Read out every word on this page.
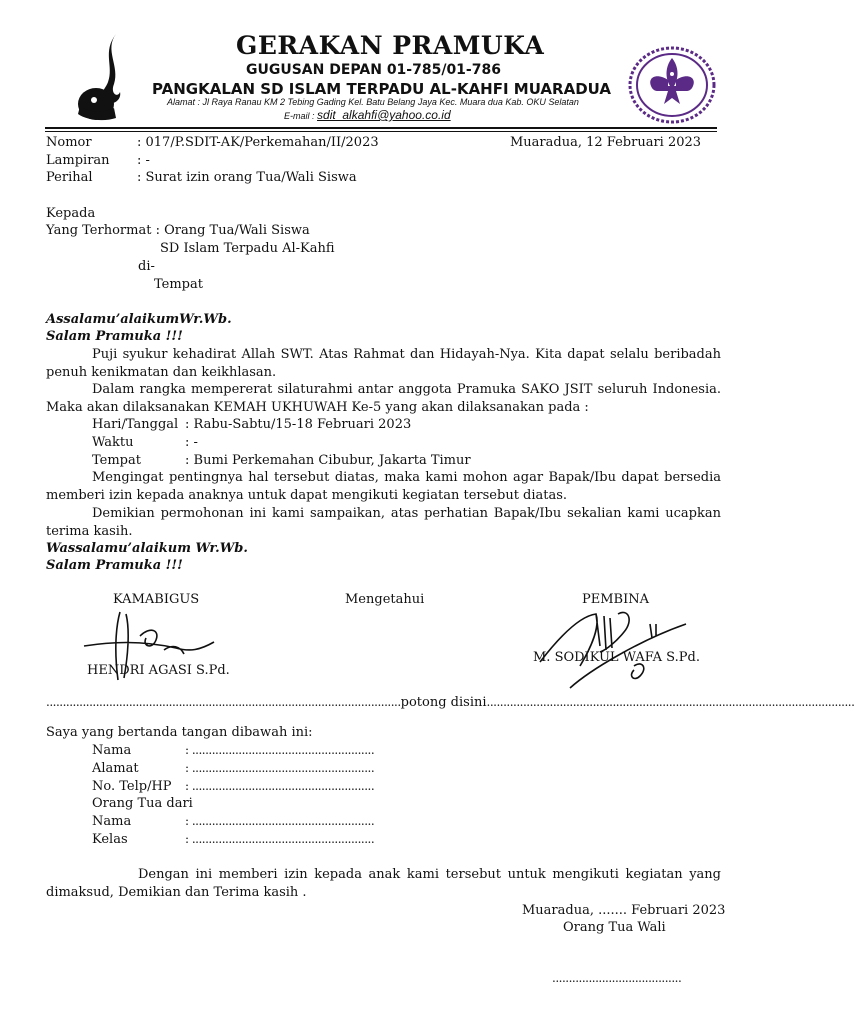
GERAKAN PRAMUKA
GUGUSAN DEPAN 01-785/01-786
PANGKALAN SD ISLAM TERPADU AL-KAHFI MUARADUA
Alamat : Jl Raya Ranau KM 2 Tebing Gading Kel. Batu Belang Jaya Kec. Muara dua Kab. OKU Selatan
E-mail : sdit_alkahfi@yahoo.co.id
Nomor	: 017/P.SDIT-AK/Perkemahan/II/2023	Muaradua, 12 Februari 2023
Lampiran : -
Perihal	: Surat izin orang Tua/Wali Siswa
Kepada
Yang Terhormat : Orang Tua/Wali Siswa
SD Islam Terpadu Al-Kahfi
di-
Tempat
Assalamu’alaikumWr.Wb.
Salam Pramuka !!!
Puji syukur kehadirat Allah SWT. Atas Rahmat dan Hidayah-Nya. Kita dapat selalu beribadah penuh kenikmatan dan keikhlasan.
Dalam rangka mempererat silaturahmi antar anggota Pramuka SAKO JSIT seluruh Indonesia. Maka akan dilaksanakan KEMAH UKHUWAH Ke-5 yang akan dilaksanakan pada :
Hari/Tanggal : Rabu-Sabtu/15-18 Februari 2023
Waktu	: -
Tempat	: Bumi Perkemahan Cibubur, Jakarta Timur
Mengingat pentingnya hal tersebut diatas, maka kami mohon agar Bapak/Ibu dapat bersedia memberi izin kepada anaknya untuk dapat mengikuti kegiatan tersebut diatas.
Demikian permohonan ini kami sampaikan, atas perhatian Bapak/Ibu sekalian kami ucapkan terima kasih.
Wassalamu’alaikum Wr.Wb.
Salam Pramuka !!!
KAMABIGUS	Mengetahui	PEMBINA
HENDRI AGASI S.Pd.
M. SODIKUL WAFA S.Pd.
...........................................................................................................potong disini...............................................................................................................
Saya yang bertanda tangan dibawah ini:
Nama	: .......................................................
Alamat	: .......................................................
No. Telp/HP : .......................................................
Orang Tua dari
Nama	: .......................................................
Kelas	: .......................................................
Dengan ini memberi izin kepada anak kami tersebut untuk mengikuti kegiatan yang dimaksud, Demikian dan Terima kasih .
Muaradua, ....... Februari 2023
Orang Tua Wali
.......................................
